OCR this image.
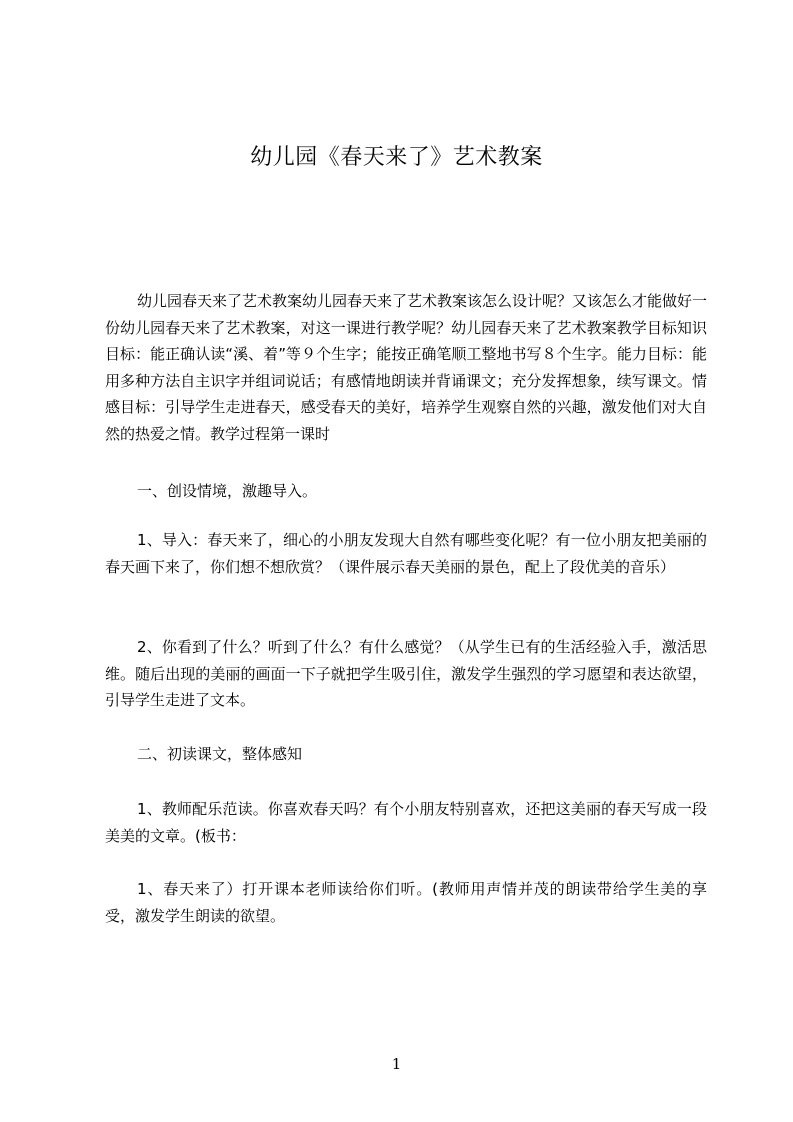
幼儿园《春天来了》艺术教案

幼儿园春天来了艺术教案幼儿园春天来了艺术教案该怎么设计呢？又该怎么才能做好一份幼儿园春天来了艺术教案，对这一课进行教学呢？幼儿园春天来了艺术教案教学目标知识目标：能正确认读“溪、着”等９个生字；能按正确笔顺工整地书写８个生字。能力目标：能用多种方法自主识字并组词说话；有感情地朗读并背诵课文；充分发挥想象，续写课文。情感目标：引导学生走进春天，感受春天的美好，培养学生观察自然的兴趣，激发他们对大自然的热爱之情。教学过程第一课时

一、创设情境，激趣导入。

1、导入：春天来了，细心的小朋友发现大自然有哪些变化呢？有一位小朋友把美丽的春天画下来了，你们想不想欣赏？（课件展示春天美丽的景色，配上了段优美的音乐）

2、你看到了什么？听到了什么？有什么感觉？（从学生已有的生活经验入手，激活思维。随后出现的美丽的画面一下子就把学生吸引住，激发学生强烈的学习愿望和表达欲望，引导学生走进了文本。

二、初读课文，整体感知

1、教师配乐范读。你喜欢春天吗？有个小朋友特别喜欢，还把这美丽的春天写成一段美美的文章。(板书：

1、春天来了）打开课本老师读给你们听。(教师用声情并茂的朗读带给学生美的享受，激发学生朗读的欲望。

1
